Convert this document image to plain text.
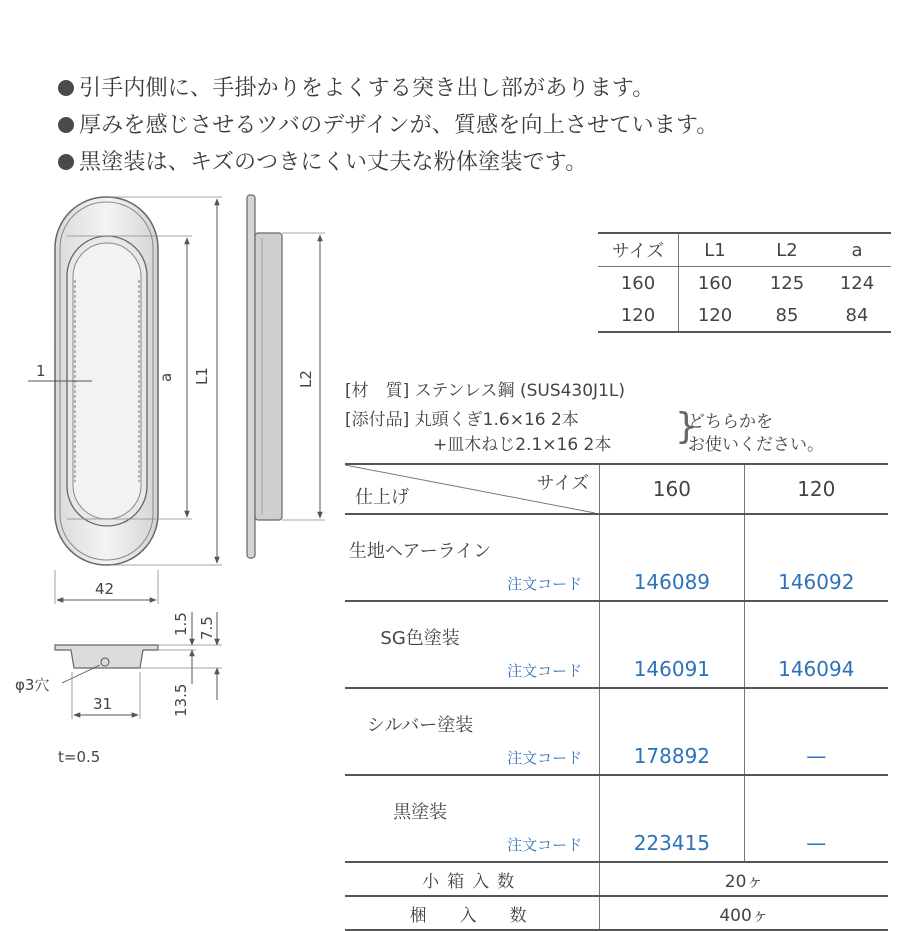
引手内側に、手掛かりをよくする突き出し部があります。
厚みを感じさせるツバのデザインが、質感を向上させています。
黒塗装は、キズのつきにくい丈夫な粉体塗装です。
1	a L1	L2
42
φ3穴
31
1.5 7.5
13.5
t=0.5
サイズ	L1	L2	a
160	160	125	124
120	120	85	84
[材　質] ステンレス鋼 (SUS430J1L)
[添付品] 丸頭くぎ1.6×16 2本
+皿木ねじ2.1×16 2本 }
どちらかを
お使いください。
サイズ
仕上げ		160	120
生地ヘアーライン	注文コード	146089	146092
SG色塗装	注文コード	146091	146094
シルバー塗装	注文コード	178892	—
黒塗装	注文コード	223415	—
小箱入数		20ヶ	
梱　入　数		400ヶ	
